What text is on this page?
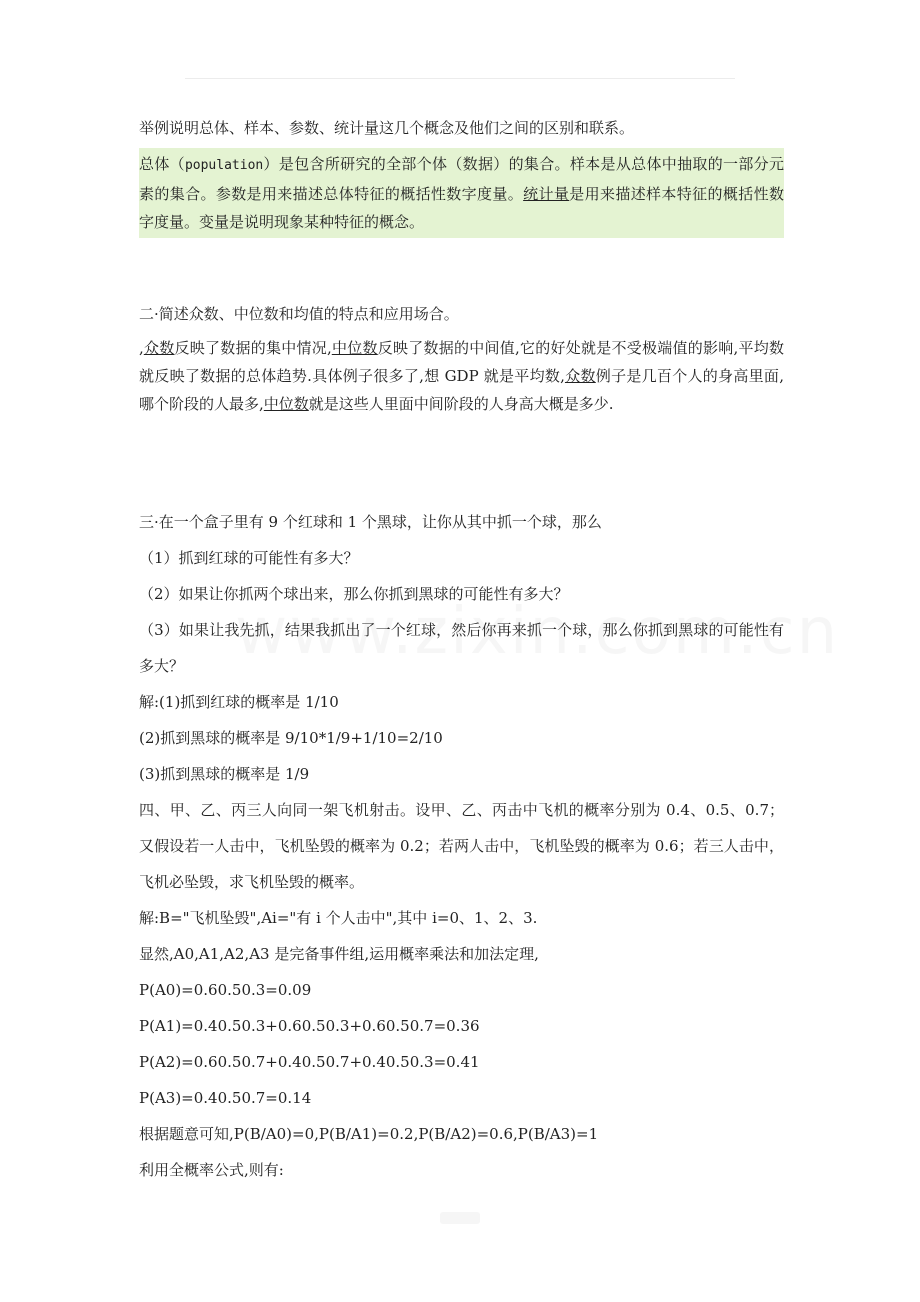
举例说明总体、样本、参数、统计量这几个概念及他们之间的区别和联系。

总体（population）是包含所研究的全部个体（数据）的集合。样本是从总体中抽取的一部分元素的集合。参数是用来描述总体特征的概括性数字度量。统计量是用来描述样本特征的概括性数字度量。变量是说明现象某种特征的概念。

二·简述众数、中位数和均值的特点和应用场合。

,众数反映了数据的集中情况,中位数反映了数据的中间值,它的好处就是不受极端值的影响,平均数就反映了数据的总体趋势.具体例子很多了,想 GDP 就是平均数,众数例子是几百个人的身高里面,哪个阶段的人最多,中位数就是这些人里面中间阶段的人身高大概是多少.

三·在一个盒子里有 9 个红球和 1 个黑球，让你从其中抓一个球，那么

（1）抓到红球的可能性有多大？

（2）如果让你抓两个球出来，那么你抓到黑球的可能性有多大？

（3）如果让我先抓，结果我抓出了一个红球，然后你再来抓一个球，那么你抓到黑球的可能性有多大？

解:(1)抓到红球的概率是 1/10

(2)抓到黑球的概率是 9/10*1/9+1/10=2/10

(3)抓到黑球的概率是 1/9

四、甲、乙、丙三人向同一架飞机射击。设甲、乙、丙击中飞机的概率分别为 0.4、0.5、0.7；又假设若一人击中，飞机坠毁的概率为 0.2；若两人击中，飞机坠毁的概率为 0.6；若三人击中，飞机必坠毁，求飞机坠毁的概率。

解:B="飞机坠毁",Ai="有 i 个人击中",其中 i=0、1、2、3.

显然,A0,A1,A2,A3 是完备事件组,运用概率乘法和加法定理,

P(A0)=0.60.50.3=0.09

P(A1)=0.40.50.3+0.60.50.3+0.60.50.7=0.36

P(A2)=0.60.50.7+0.40.50.7+0.40.50.3=0.41

P(A3)=0.40.50.7=0.14

根据题意可知,P(B/A0)=0,P(B/A1)=0.2,P(B/A2)=0.6,P(B/A3)=1

利用全概率公式,则有:
